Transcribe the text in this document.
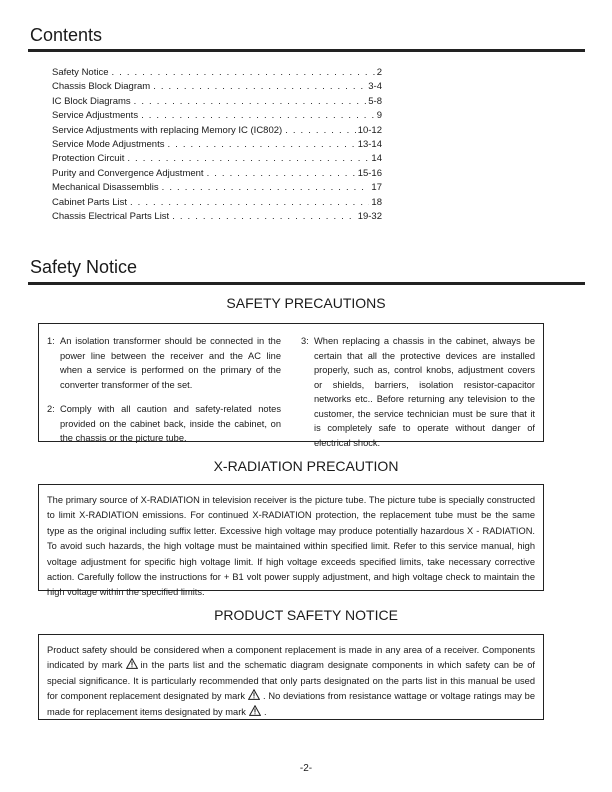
Contents
Safety Notice . . .	2
Chassis Block Diagram . . .	3-4
IC Block Diagrams . . .	5-8
Service Adjustments . . .	9
Service Adjustments with replacing Memory IC (IC802) . . .	10-12
Service Mode Adjustments . . .	13-14
Protection Circuit . . .	14
Purity and Convergence Adjustment . . .	15-16
Mechanical Disassemblis . . .	17
Cabinet Parts List . . .	18
Chassis Electrical Parts List . . .	19-32
Safety Notice
SAFETY PRECAUTIONS
1: An isolation transformer should be connected in the power line between the receiver and the AC line when a service is performed on the primary of the converter transformer of the set.
2: Comply with all caution and safety-related notes provided on the cabinet back, inside the cabinet, on the chassis or the picture tube.
3: When replacing a chassis in the cabinet, always be certain that all the protective devices are installed properly, such as, control knobs, adjustment covers or shields, barriers, isolation resistor-capacitor networks etc.. Before returning any television to the customer, the service technician must be sure that it is completely safe to operate without danger of electrical shock.
X-RADIATION PRECAUTION
The primary source of X-RADIATION in television receiver is the picture tube. The picture tube is specially constructed to limit X-RADIATION emissions. For continued X-RADIATION protection, the replacement tube must be the same type as the original including suffix letter. Excessive high voltage may produce potentially hazardous X - RADIATION. To avoid such hazards, the high voltage must be maintained within specified limit. Refer to this service manual, high voltage adjustment for specific high voltage limit. If high voltage exceeds specified limits, take necessary corrective action. Carefully follow the instructions for + B1 volt power supply adjustment, and high voltage check to maintain the high voltage within the specified limits.
PRODUCT SAFETY NOTICE
Product safety should be considered when a component replacement is made in any area of a receiver. Components indicated by mark in the parts list and the schematic diagram designate components in which safety can be of special significance. It is particularly recommended that only parts designated on the parts list in this manual be used for component replacement designated by mark . No deviations from resistance wattage or voltage ratings may be made for replacement items designated by mark .
-2-
